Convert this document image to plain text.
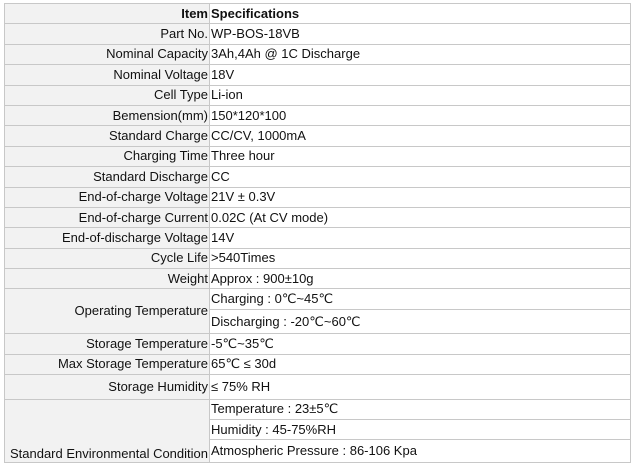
Item	Specifications
Part No.	WP-BOS-18VB
Nominal Capacity	3Ah,4Ah @ 1C Discharge
Nominal Voltage	18V
Cell Type	Li-ion
Bemension(mm)	150*120*100
Standard Charge	CC/CV, 1000mA
Charging Time	Three hour
Standard Discharge	CC
End-of-charge Voltage	21V ± 0.3V
End-of-charge Current	0.02C (At CV mode)
End-of-discharge Voltage	14V
Cycle Life	>540Times
Weight	Approx : 900±10g
Operating Temperature	Charging : 0℃~45℃
	Discharging : -20℃~60℃
Storage Temperature	-5℃~35℃
Max Storage Temperature	65℃ ≤ 30d
Storage Humidity	≤ 75% RH
Standard Environmental Condition	Temperature : 23±5℃
	Humidity : 45-75%RH
	Atmospheric Pressure : 86-106 Kpa
